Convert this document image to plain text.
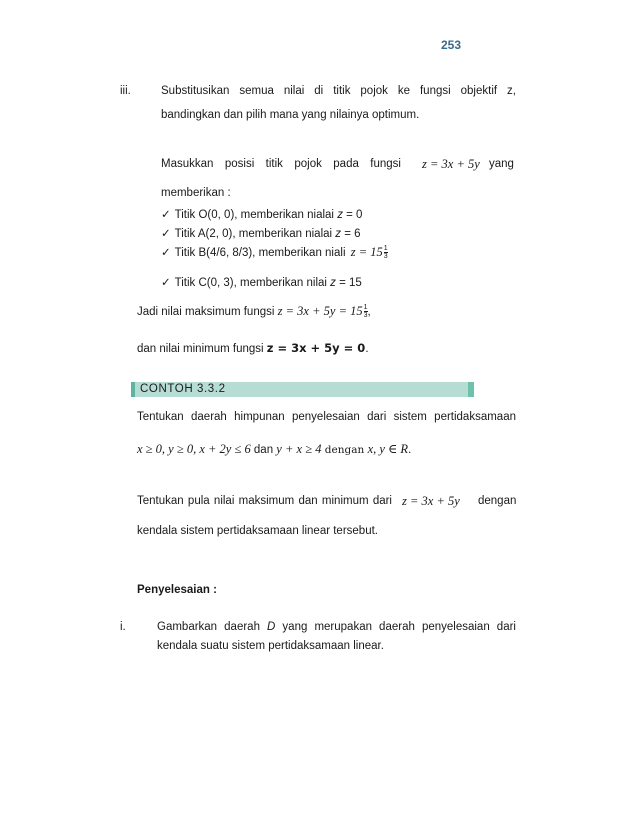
253
iii.	Substitusikan semua nilai di titik pojok ke fungsi objektif z,
bandingkan dan pilih mana yang nilainya optimum.
Masukkan posisi titik pojok pada fungsi z = 3x + 5y yang
memberikan :
✓ Titik O(0, 0), memberikan nialai z = 0
✓ Titik A(2, 0), memberikan nialai z = 6
✓ Titik B(4/6, 8/3), memberikan niali $z = 15 \frac{1}{3}$
✓ Titik C(0, 3), memberikan nilai z = 15
Jadi nilai maksimum fungsi $z = 3x + 5y = 15 \frac{1}{3}$ ,
dan nilai minimum fungsi z = 3x + 5y = 0.
CONTOH 3.3.2
Tentukan daerah himpunan penyelesaian dari sistem pertidaksamaan
x ≥ 0, y ≥ 0, x + 2y ≤ 6 dan y + x ≥ 4 dengan x, y ∈ R.
Tentukan pula nilai maksimum dan minimum dari z = 3x + 5y dengan
kendala sistem pertidaksamaan linear tersebut.
Penyelesaian :
i.	Gambarkan daerah D yang merupakan daerah penyelesaian dari
kendala suatu sistem pertidaksamaan linear.
